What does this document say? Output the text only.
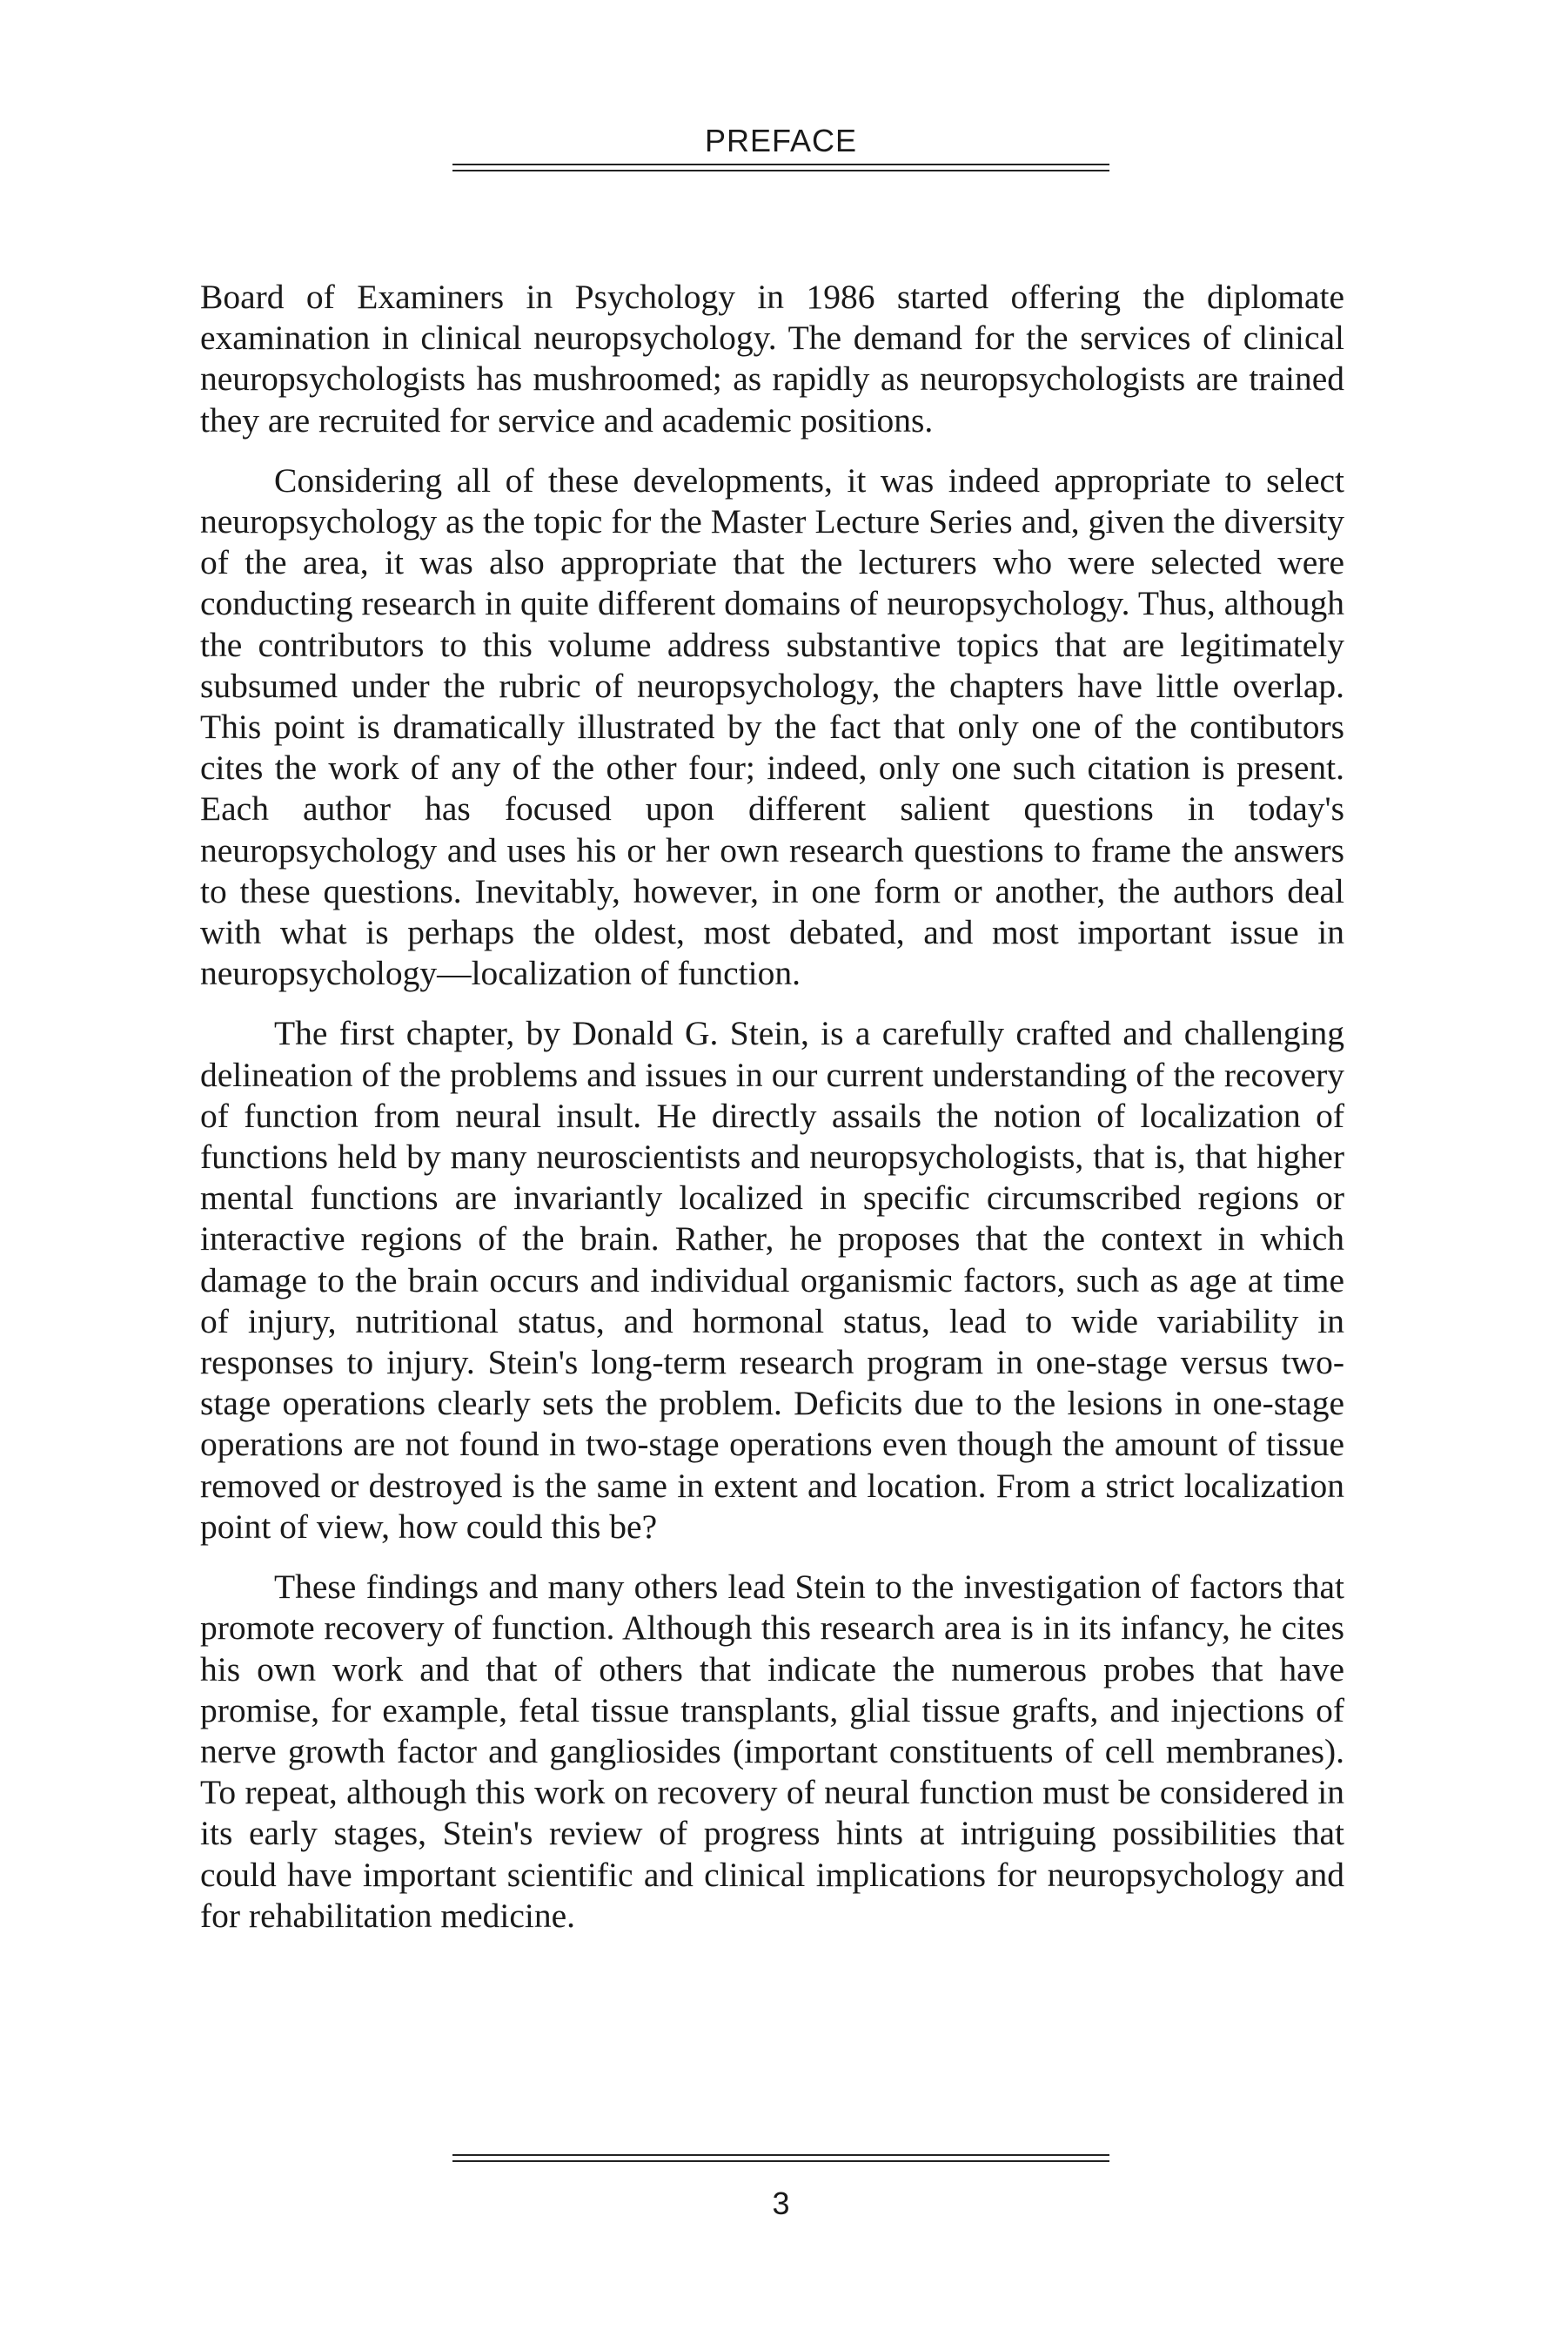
PREFACE

Board of Examiners in Psychology in 1986 started offering the diplomate examination in clinical neuropsychology. The demand for the services of clinical neuropsychologists has mushroomed; as rapidly as neuropsychologists are trained they are recruited for service and academic positions.

Considering all of these developments, it was indeed appropriate to select neuropsychology as the topic for the Master Lecture Series and, given the diversity of the area, it was also appropriate that the lecturers who were selected were conducting research in quite different domains of neuropsychology. Thus, although the contributors to this volume address substantive topics that are legitimately subsumed under the rubric of neuropsychology, the chapters have little overlap. This point is dramatically illustrated by the fact that only one of the contibutors cites the work of any of the other four; indeed, only one such citation is present. Each author has focused upon different salient questions in today's neuropsychology and uses his or her own research questions to frame the answers to these questions. Inevitably, however, in one form or another, the authors deal with what is perhaps the oldest, most debated, and most important issue in neuropsychology—localization of function.

The first chapter, by Donald G. Stein, is a carefully crafted and challenging delineation of the problems and issues in our current understanding of the recovery of function from neural insult. He directly assails the notion of localization of functions held by many neuroscientists and neuropsychologists, that is, that higher mental functions are invariantly localized in specific circumscribed regions or interactive regions of the brain. Rather, he proposes that the context in which damage to the brain occurs and individual organismic factors, such as age at time of injury, nutritional status, and hormonal status, lead to wide variability in responses to injury. Stein's long-term research program in one-stage versus two-stage operations clearly sets the problem. Deficits due to the lesions in one-stage operations are not found in two-stage operations even though the amount of tissue removed or destroyed is the same in extent and location. From a strict localization point of view, how could this be?

These findings and many others lead Stein to the investigation of factors that promote recovery of function. Although this research area is in its infancy, he cites his own work and that of others that indicate the numerous probes that have promise, for example, fetal tissue transplants, glial tissue grafts, and injections of nerve growth factor and gangliosides (important constituents of cell membranes). To repeat, although this work on recovery of neural function must be considered in its early stages, Stein's review of progress hints at intriguing possibilities that could have important scientific and clinical implications for neuropsychology and for rehabilitation medicine.

3
